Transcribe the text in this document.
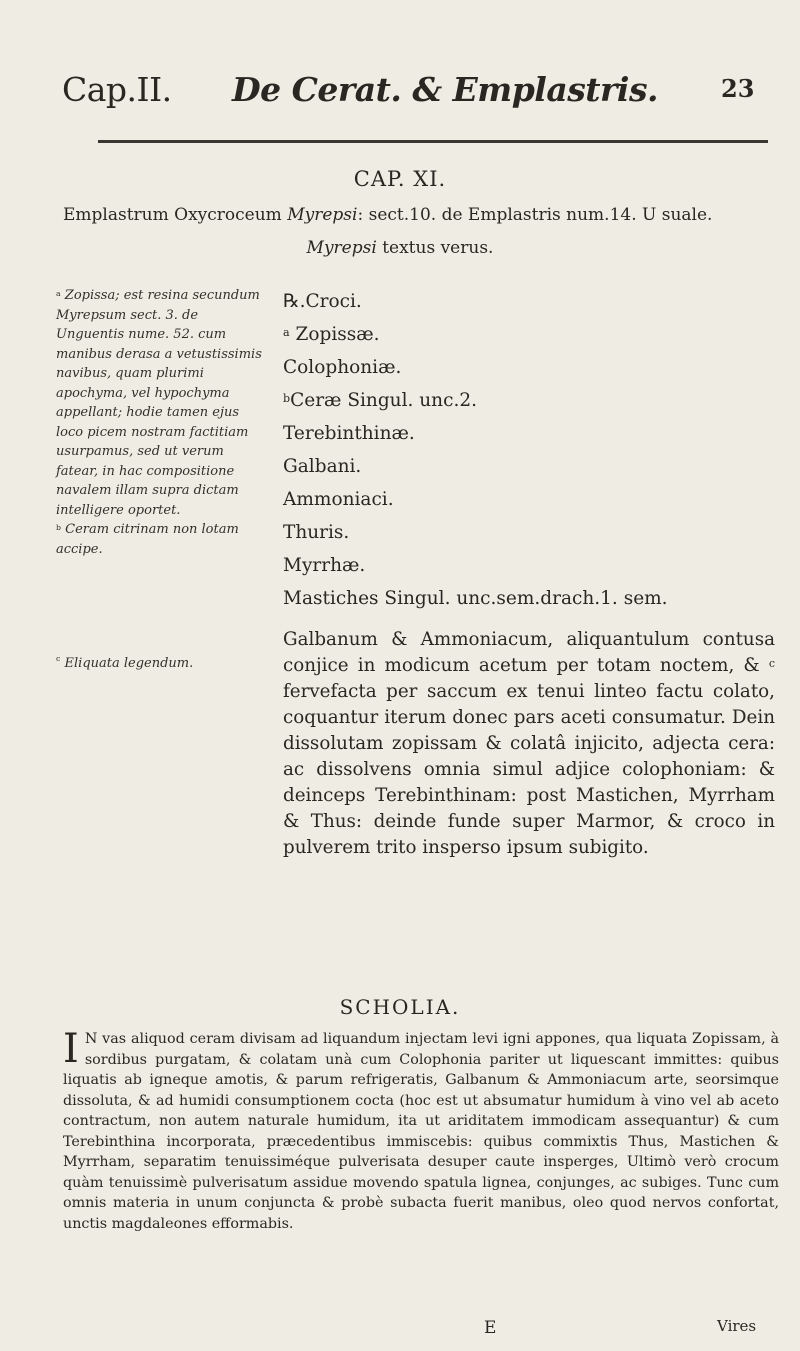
Cap.II. De Cerat. & Emplastris.	23
CAP. XI.
Emplastrum Oxycroceum Myrepsi: sect.10. de Emplastris num.14. U suale.
Myrepsi textus verus.

$^a$ Zopissa; est resina secundum Myrepsum sect. 3. de Unguentis nume. 52. cum manibus derasa a vetustissimis navibus, quam plurimi apochyma, vel hypochyma appellant; hodie tamen ejus loco picem nostram factitiam usurpamus, sed ut verum fatear, in hac compositione navalem illam supra dictam intelligere oportet.

$^b$ Ceram citrinam non lotam accipe.

$^c$ Eliquata legendum.
℞.Croci.
$^a$ Zopissæ.
Colophoniæ.
$^b$Ceræ Singul. unc.2.
Terebinthinæ.
Galbani.
Ammoniaci.
Thuris.
Myrrhæ.
Mastiches Singul. unc.sem.drach.1. sem.
Galbanum & Ammoniacum, aliquantulum contusa conjice in modicum acetum per totam noctem, & $^c$ fervefacta per saccum ex tenui linteo factu colato, coquantur iterum donec pars aceti consumatur. Dein dissolutam zopissam & colatâ injicito, adjecta cera: ac dissolvens omnia simul adjice colophoniam: & deinceps Terebinthinam: post Mastichen, Myrrham & Thus: deinde funde super Marmor, & croco in pulverem trito insperso ipsum subigito.
SCHOLIA.
I N vas aliquod ceram divisam ad liquandum injectam levi igni appones, qua liquata Zopissam, à sordibus purgatam, & colatam unà cum Colophonia pariter ut liquescant immittes: quibus liquatis ab igneque amotis, & parum refrigeratis, Galbanum & Ammoniacum arte, seorsimque dissoluta, & ad humidi consumptionem cocta (hoc est ut absumatur humidum à vino vel ab aceto contractum, non autem naturale humidum, ita ut ariditatem immodicam assequantur) & cum Terebinthina incorporata, præcedentibus immiscebis: quibus commixtis Thus, Mastichen & Myrrham, separatim tenuissiméque pulverisata desuper caute insperges, Ultimò verò crocum quàm tenuissimè pulverisatum assidue movendo spatula lignea, conjunges, ac subiges. Tunc cum omnis materia in unum conjuncta & probè subacta fuerit manibus, oleo quod nervos confortat, unctis magdaleones efformabis.
E	Vires
